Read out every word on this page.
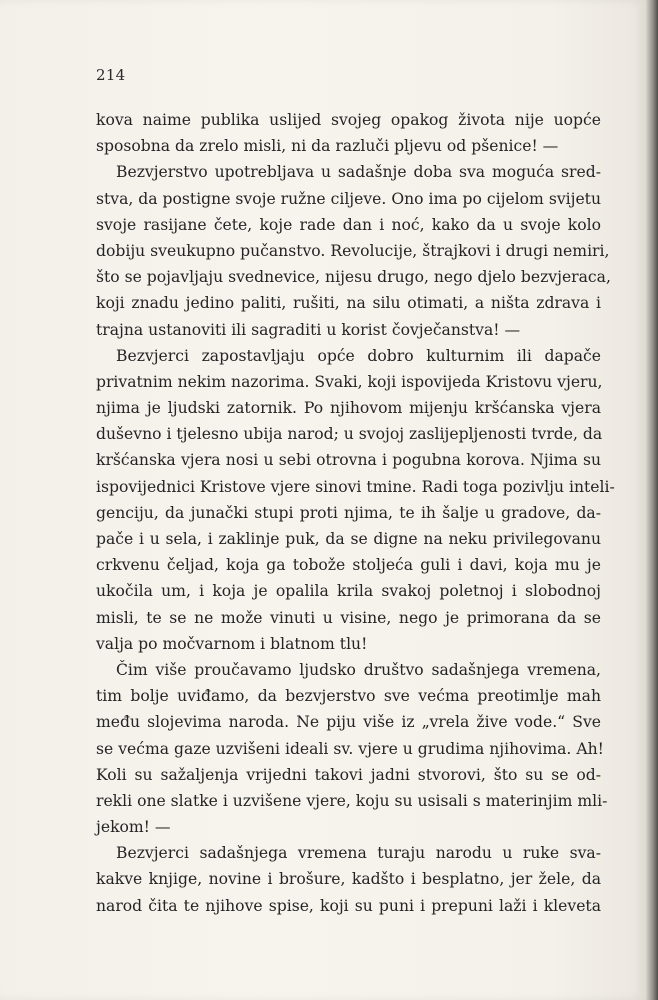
214
kova naime publika uslijed svojeg opakog života nije uopće
sposobna da zrelo misli, ni da razluči pljevu od pšenice! —
Bezvjerstvo upotrebljava u sadašnje doba sva moguća sred-
stva, da postigne svoje ružne ciljeve. Ono ima po cijelom svijetu
svoje rasijane čete, koje rade dan i noć, kako da u svoje kolo
dobiju sveukupno pučanstvo. Revolucije, štrajkovi i drugi nemiri,
što se pojavljaju svednevice, nijesu drugo, nego djelo bezvjeraca,
koji znadu jedino paliti, rušiti, na silu otimati, a ništa zdrava i
trajna ustanoviti ili sagraditi u korist čovječanstva! —
Bezvjerci zapostavljaju opće dobro kulturnim ili dapače
privatnim nekim nazorima. Svaki, koji ispovijeda Kristovu vjeru,
njima je ljudski zatornik. Po njihovom mijenju kršćanska vjera
duševno i tjelesno ubija narod; u svojoj zaslijepljenosti tvrde, da
kršćanska vjera nosi u sebi otrovna i pogubna korova. Njima su
ispovijednici Kristove vjere sinovi tmine. Radi toga pozivlju inteli-
genciju, da junački stupi proti njima, te ih šalje u gradove, da-
pače i u sela, i zaklinje puk, da se digne na neku privilegovanu
crkvenu čeljad, koja ga tobože stoljeća guli i davi, koja mu je
ukočila um, i koja je opalila krila svakoj poletnoj i slobodnoj
misli, te se ne može vinuti u visine, nego je primorana da se
valja po močvarnom i blatnom tlu!
Čim više proučavamo ljudsko društvo sadašnjega vremena,
tim bolje uviđamo, da bezvjerstvo sve većma preotimlje mah
među slojevima naroda. Ne piju više iz „vrela žive vode.“ Sve
se većma gaze uzvišeni ideali sv. vjere u grudima njihovima. Ah!
Koli su sažaljenja vrijedni takovi jadni stvorovi, što su se od-
rekli one slatke i uzvišene vjere, koju su usisali s materinjim mli-
jekom! —
Bezvjerci sadašnjega vremena turaju narodu u ruke sva-
kakve knjige, novine i brošure, kadšto i besplatno, jer žele, da
narod čita te njihove spise, koji su puni i prepuni laži i kleveta
